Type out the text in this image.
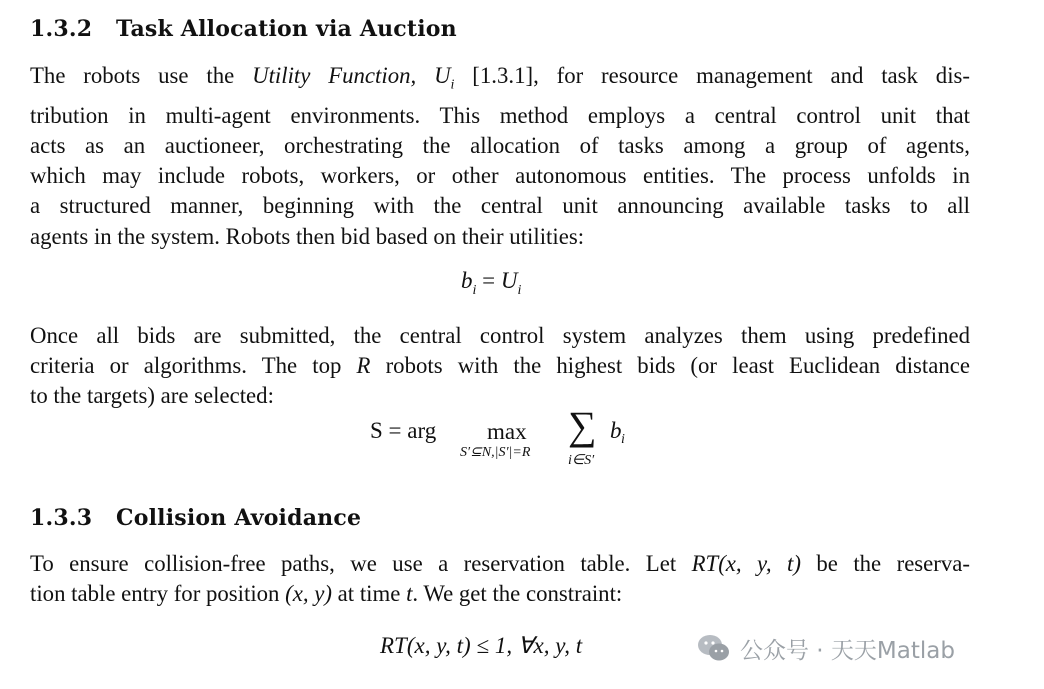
1.3.2 Task Allocation via Auction
The robots use the Utility Function, $U_i$ [1.3.1], for resource management and task dis-
tribution in multi-agent environments. This method employs a central control unit that
acts as an auctioneer, orchestrating the allocation of tasks among a group of agents,
which may include robots, workers, or other autonomous entities. The process unfolds in
a structured manner, beginning with the central unit announcing available tasks to all
agents in the system. Robots then bid based on their utilities:
$b_i = U_i$
Once all bids are submitted, the central control system analyzes them using predefined
criteria or algorithms. The top R robots with the highest bids (or least Euclidean distance
to the targets) are selected:
S = arg max
S′⊆N,|S′|=R
∑
i∈S′
b i
1.3.3 Collision Avoidance
To ensure collision-free paths, we use a reservation table. Let RT(x, y, t) be the reserva-
tion table entry for position (x, y) at time t. We get the constraint:
RT(x, y, t) ≤ 1, ∀x, y, t	公众号 · 天天Matlab
